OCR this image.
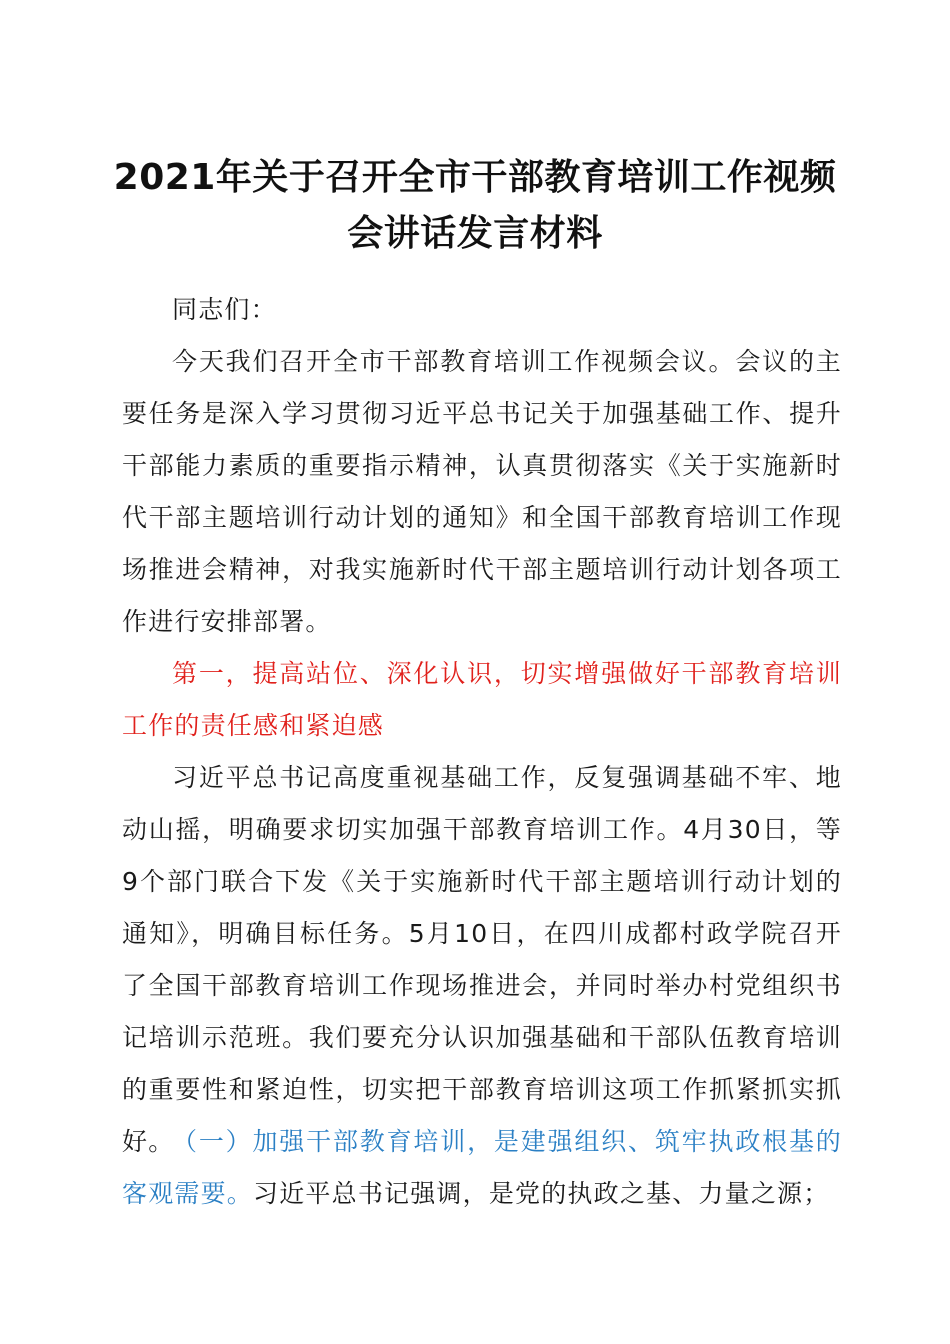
2021年关于召开全市干部教育培训工作视频
会讲话发言材料
同志们：
今天我们召开全市干部教育培训工作视频会议。会议的主要任务是深入学习贯彻习近平总书记关于加强基础工作、提升干部能力素质的重要指示精神，认真贯彻落实《关于实施新时代干部主题培训行动计划的通知》和全国干部教育培训工作现场推进会精神，对我实施新时代干部主题培训行动计划各项工作进行安排部署。
第一，提高站位、深化认识，切实增强做好干部教育培训工作的责任感和紧迫感
习近平总书记高度重视基础工作，反复强调基础不牢、地动山摇，明确要求切实加强干部教育培训工作。4月30日，等9个部门联合下发《关于实施新时代干部主题培训行动计划的通知》，明确目标任务。5月10日，在四川成都村政学院召开了全国干部教育培训工作现场推进会，并同时举办村党组织书记培训示范班。我们要充分认识加强基础和干部队伍教育培训的重要性和紧迫性，切实把干部教育培训这项工作抓紧抓实抓好。
（一）加强干部教育培训，是建强组织、筑牢执政根基的客观需要。习近平总书记强调，是党的执政之基、力量之源；
